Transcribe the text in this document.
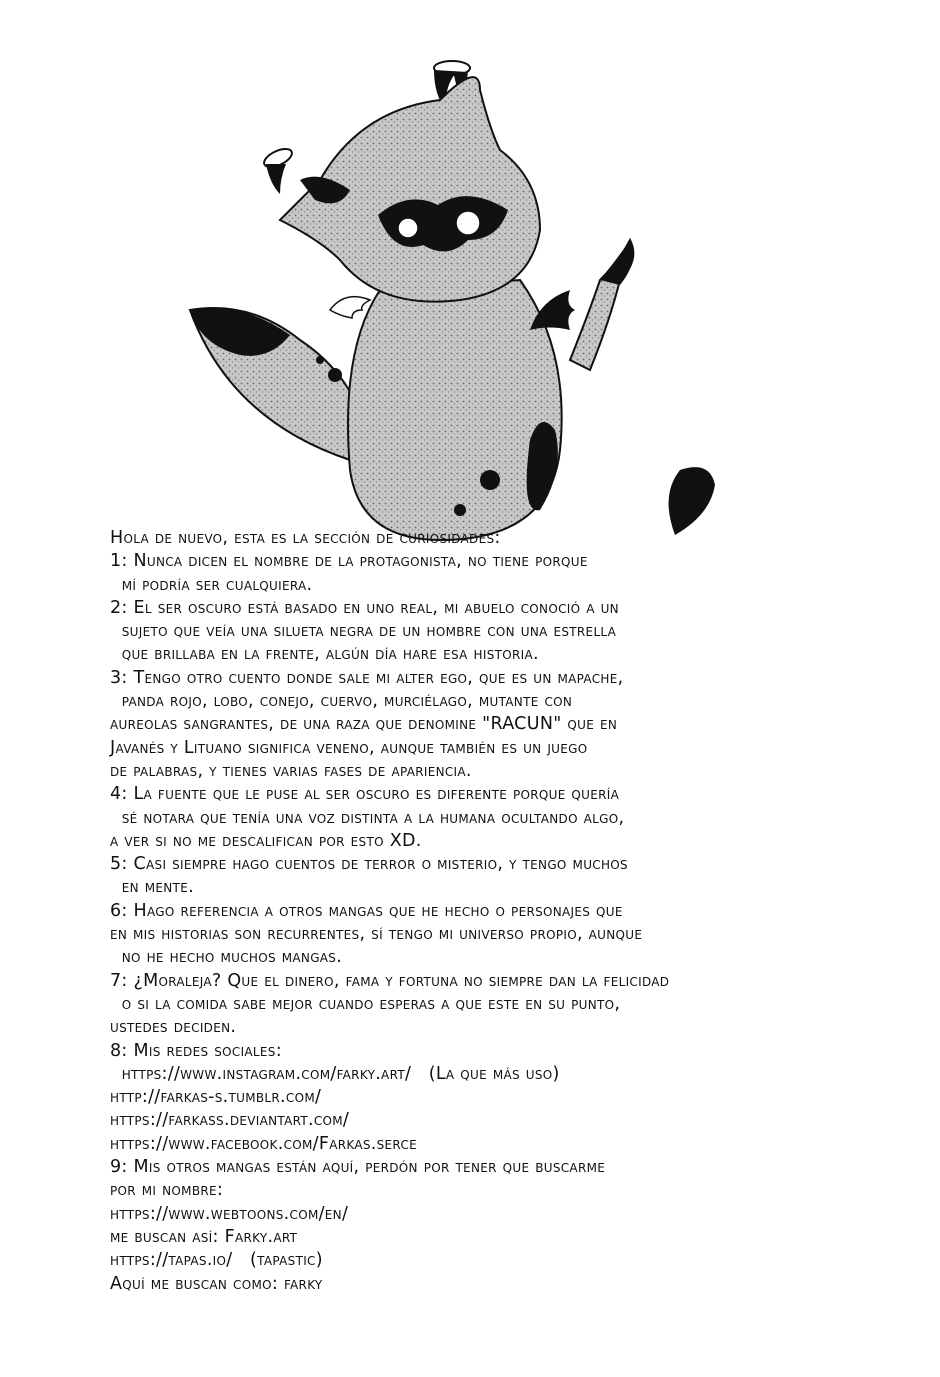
Hola de nuevo, esta es la sección de curiosidades:
1: Nunca dicen el nombre de la protagonista, no tiene porque
mí podría ser cualquiera.
2: El ser oscuro está basado en uno real, mi abuelo conoció a un
sujeto que veía una silueta negra de un hombre con una estrella
que brillaba en la frente, algún día hare esa historia.
3: Tengo otro cuento donde sale mi alter ego, que es un mapache,
panda rojo, lobo, conejo, cuervo, murciélago, mutante con
aureolas sangrantes, de una raza que denomine "RACUN" que en
Javanés y Lituano significa veneno, aunque también es un juego
de palabras, y tienes varias fases de apariencia.
4: La fuente que le puse al ser oscuro es diferente porque quería
sé notara que tenía una voz distinta a la humana ocultando algo,
a ver si no me descalifican por esto XD.
5: Casi siempre hago cuentos de terror o misterio, y tengo muchos
en mente.
6: Hago referencia a otros mangas que he hecho o personajes que
en mis historias son recurrentes, sí tengo mi universo propio, aunque
no he hecho muchos mangas.
7: ¿Moraleja? Que el dinero, fama y fortuna no siempre dan la felicidad
o si la comida sabe mejor cuando esperas a que este en su punto,
ustedes deciden.
8: Mis redes sociales:
https://www.instagram.com/farky.art/   (La que más uso)
http://farkas-s.tumblr.com/
https://farkass.deviantart.com/
https://www.facebook.com/Farkas.serce
9: Mis otros mangas están aquí, perdón por tener que buscarme
por mi nombre:
https://www.webtoons.com/en/
me buscan así: Farky.art
https://tapas.io/   (tapastic)
Aquí me buscan como: farky
